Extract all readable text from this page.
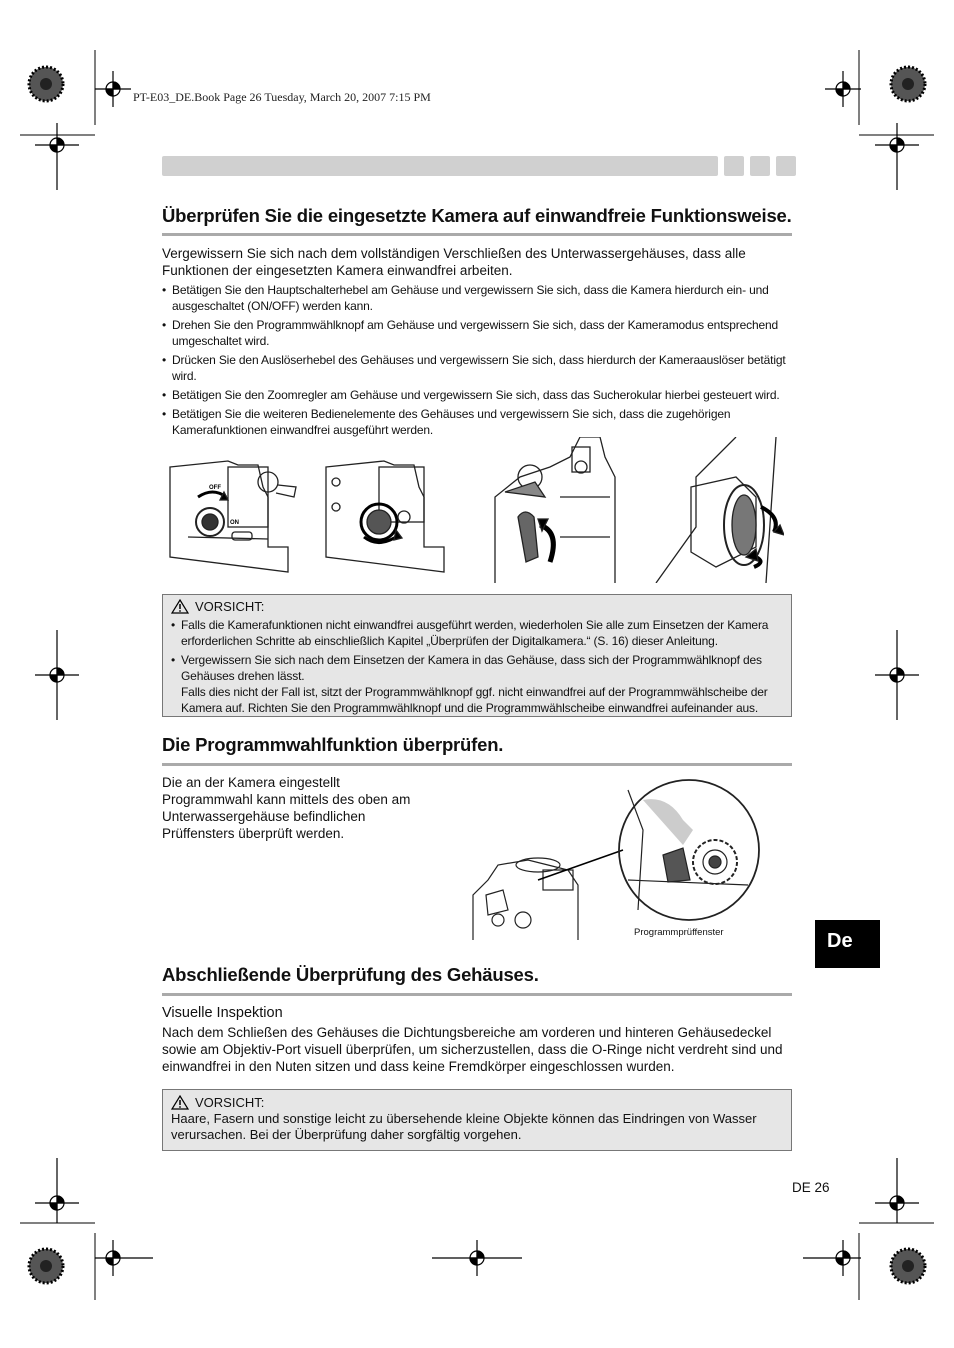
PT-E03_DE.Book Page 26 Tuesday, March 20, 2007 7:15 PM
Überprüfen Sie die eingesetzte Kamera auf einwandfreie Funktionsweise.
Vergewissern Sie sich nach dem vollständigen Verschließen des Unterwassergehäuses, dass alle
Funktionen der eingesetzten Kamera einwandfrei arbeiten.
• Betätigen Sie den Hauptschalterhebel am Gehäuse und vergewissern Sie sich, dass die Kamera hierdurch ein- und ausgeschaltet (ON/OFF) werden kann.
• Drehen Sie den Programmwählknopf am Gehäuse und vergewissern Sie sich, dass der Kameramodus entsprechend umgeschaltet wird.
• Drücken Sie den Auslöserhebel des Gehäuses und vergewissern Sie sich, dass hierdurch der Kameraauslöser betätigt wird.
• Betätigen Sie den Zoomregler am Gehäuse und vergewissern Sie sich, dass das Sucherokular hierbei gesteuert wird.
• Betätigen Sie die weiteren Bedienelemente des Gehäuses und vergewissern Sie sich, dass die zugehörigen Kamerafunktionen einwandfrei ausgeführt werden.
OFF
ON
VORSICHT:
• Falls die Kamerafunktionen nicht einwandfrei ausgeführt werden, wiederholen Sie alle zum Einsetzen der Kamera erforderlichen Schritte ab einschließlich Kapitel „Überprüfen der Digitalkamera.“ (S. 16) dieser Anleitung.
• Vergewissern Sie sich nach dem Einsetzen der Kamera in das Gehäuse, dass sich der Programmwählknopf des Gehäuses drehen lässt.
Falls dies nicht der Fall ist, sitzt der Programmwählknopf ggf. nicht einwandfrei auf der Programmwählscheibe der Kamera auf. Richten Sie den Programmwählknopf und die Programmwählscheibe einwandfrei aufeinander aus.
Die Programmwahlfunktion überprüfen.
Die an der Kamera eingestellt
Programmwahl kann mittels des oben am
Unterwassergehäuse befindlichen
Prüffensters überprüft werden.
Programmprüffenster
Abschließende Überprüfung des Gehäuses.
Visuelle Inspektion
Nach dem Schließen des Gehäuses die Dichtungsbereiche am vorderen und hinteren Gehäusedeckel sowie am Objektiv-Port visuell überprüfen, um sicherzustellen, dass die O-Ringe nicht verdreht sind und einwandfrei in den Nuten sitzen und dass keine Fremdkörper eingeschlossen wurden.
VORSICHT:
Haare, Fasern und sonstige leicht zu übersehende kleine Objekte können das Eindringen von Wasser verursachen. Bei der Überprüfung daher sorgfältig vorgehen.
De
DE 26
